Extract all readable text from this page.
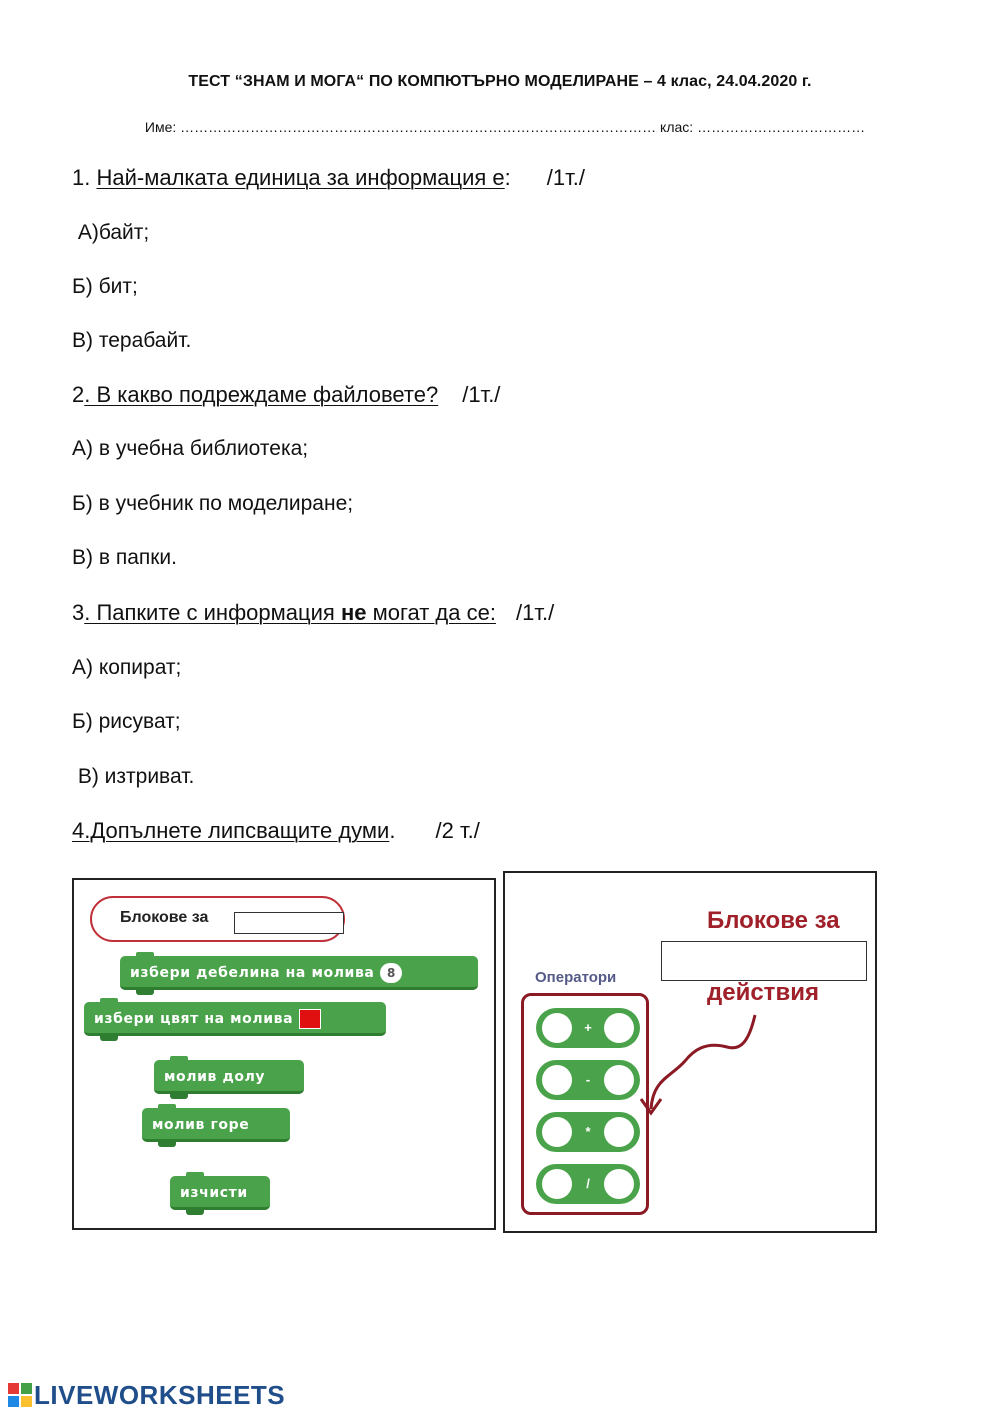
ТЕСТ “ЗНАМ И МОГА“ ПО КОМПЮТЪРНО МОДЕЛИРАНЕ – 4 клас, 24.04.2020 г.
Име: ………………………………………………………………………………………… клас: ………………………………
1. Най-малката единица за информация е: /1т./
А)байт;
Б) бит;
В) терабайт.
2. В какво подреждаме файловете? /1т./
А) в учебна библиотека;
Б) в учебник по моделиране;
В) в папки.
3. Папките с информация не могат да се: /1т./
А) копират;
Б) рисуват;
В) изтриват.
4.Допълнете липсващите думи. /2 т./
Блокове за
избери дебелина на молива 8
избери цвят на молива
молив долу
молив горе
изчисти
Блокове за
действия
Оператори
+
-
*
/
LIVEWORKSHEETS
